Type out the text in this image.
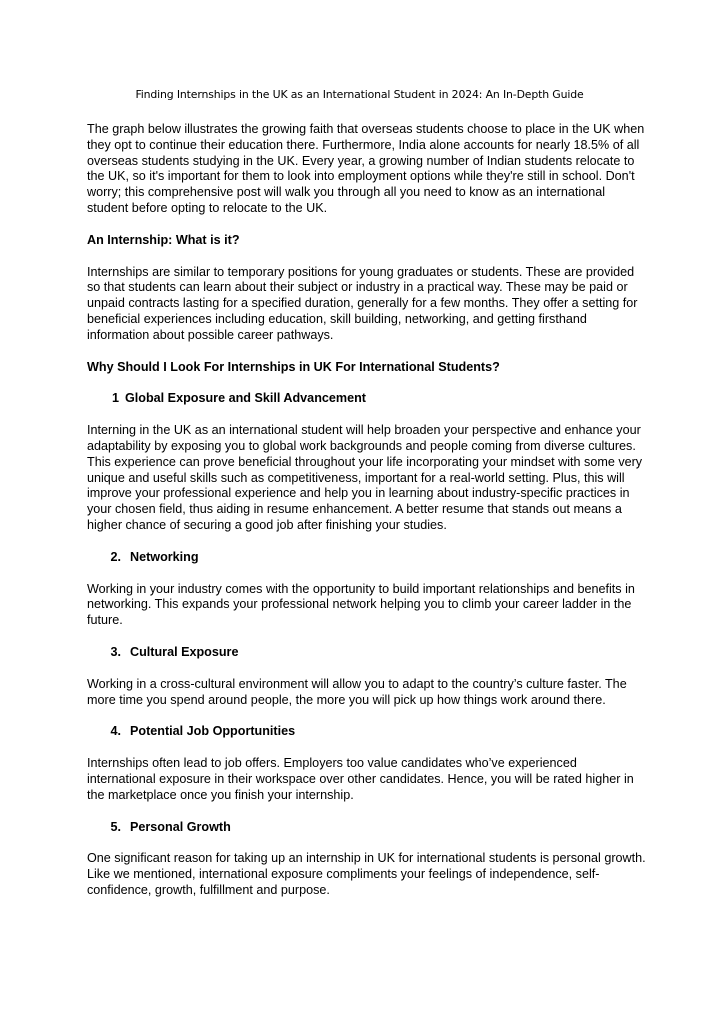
Finding Internships in the UK as an International Student in 2024: An In-Depth Guide

The graph below illustrates the growing faith that overseas students choose to place in the UK when they opt to continue their education there. Furthermore, India alone accounts for nearly 18.5% of all overseas students studying in the UK. Every year, a growing number of Indian students relocate to the UK, so it's important for them to look into employment options while they're still in school. Don't worry; this comprehensive post will walk you through all you need to know as an international student before opting to relocate to the UK.

An Internship: What is it?

Internships are similar to temporary positions for young graduates or students. These are provided so that students can learn about their subject or industry in a practical way. These may be paid or unpaid contracts lasting for a specified duration, generally for a few months. They offer a setting for beneficial experiences including education, skill building, networking, and getting firsthand information about possible career pathways.

Why Should I Look For Internships in UK For International Students?

1 Global Exposure and Skill Advancement

Interning in the UK as an international student will help broaden your perspective and enhance your adaptability by exposing you to global work backgrounds and people coming from diverse cultures. This experience can prove beneficial throughout your life incorporating your mindset with some very unique and useful skills such as competitiveness, important for a real-world setting. Plus, this will improve your professional experience and help you in learning about industry-specific practices in your chosen field, thus aiding in resume enhancement. A better resume that stands out means a higher chance of securing a good job after finishing your studies.

2. Networking

Working in your industry comes with the opportunity to build important relationships and benefits in networking. This expands your professional network helping you to climb your career ladder in the future.

3. Cultural Exposure

Working in a cross-cultural environment will allow you to adapt to the country’s culture faster. The more time you spend around people, the more you will pick up how things work around there.

4. Potential Job Opportunities

Internships often lead to job offers. Employers too value candidates who’ve experienced international exposure in their workspace over other candidates. Hence, you will be rated higher in the marketplace once you finish your internship.

5. Personal Growth

One significant reason for taking up an internship in UK for international students is personal growth. Like we mentioned, international exposure compliments your feelings of independence, self-confidence, growth, fulfillment and purpose.
